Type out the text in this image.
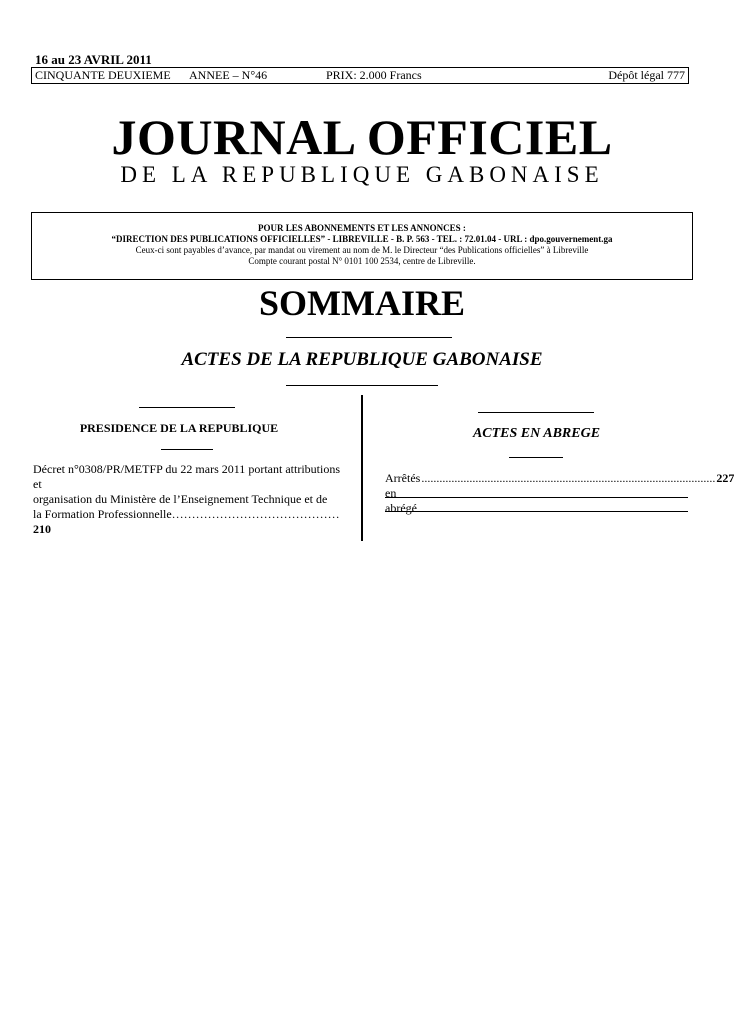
16 au 23 AVRIL 2011
CINQUANTE DEUXIEME ANNEE – N°46	PRIX: 2.000 Francs	Dépôt légal 777
JOURNAL OFFICIEL
DE LA REPUBLIQUE GABONAISE
POUR LES ABONNEMENTS ET LES ANNONCES :
“DIRECTION DES PUBLICATIONS OFFICIELLES” - LIBREVILLE - B. P. 563 - TEL. : 72.01.04 - URL : dpo.gouvernement.ga
Ceux-ci sont payables d’avance, par mandat ou virement au nom de M. le Directeur “des Publications officielles” à Libreville
Compte courant postal N° 0101 100 2534, centre de Libreville.
SOMMAIRE
ACTES DE LA REPUBLIQUE GABONAISE
PRESIDENCE DE LA REPUBLIQUE
Décret n°0308/PR/METFP du 22 mars 2011 portant attributions et
organisation du Ministère de l’Enseignement Technique et de
la Formation Professionnelle……………………………………210
ACTES EN ABREGE
Arrêtés en abrégé
.................................................................................................. 227
